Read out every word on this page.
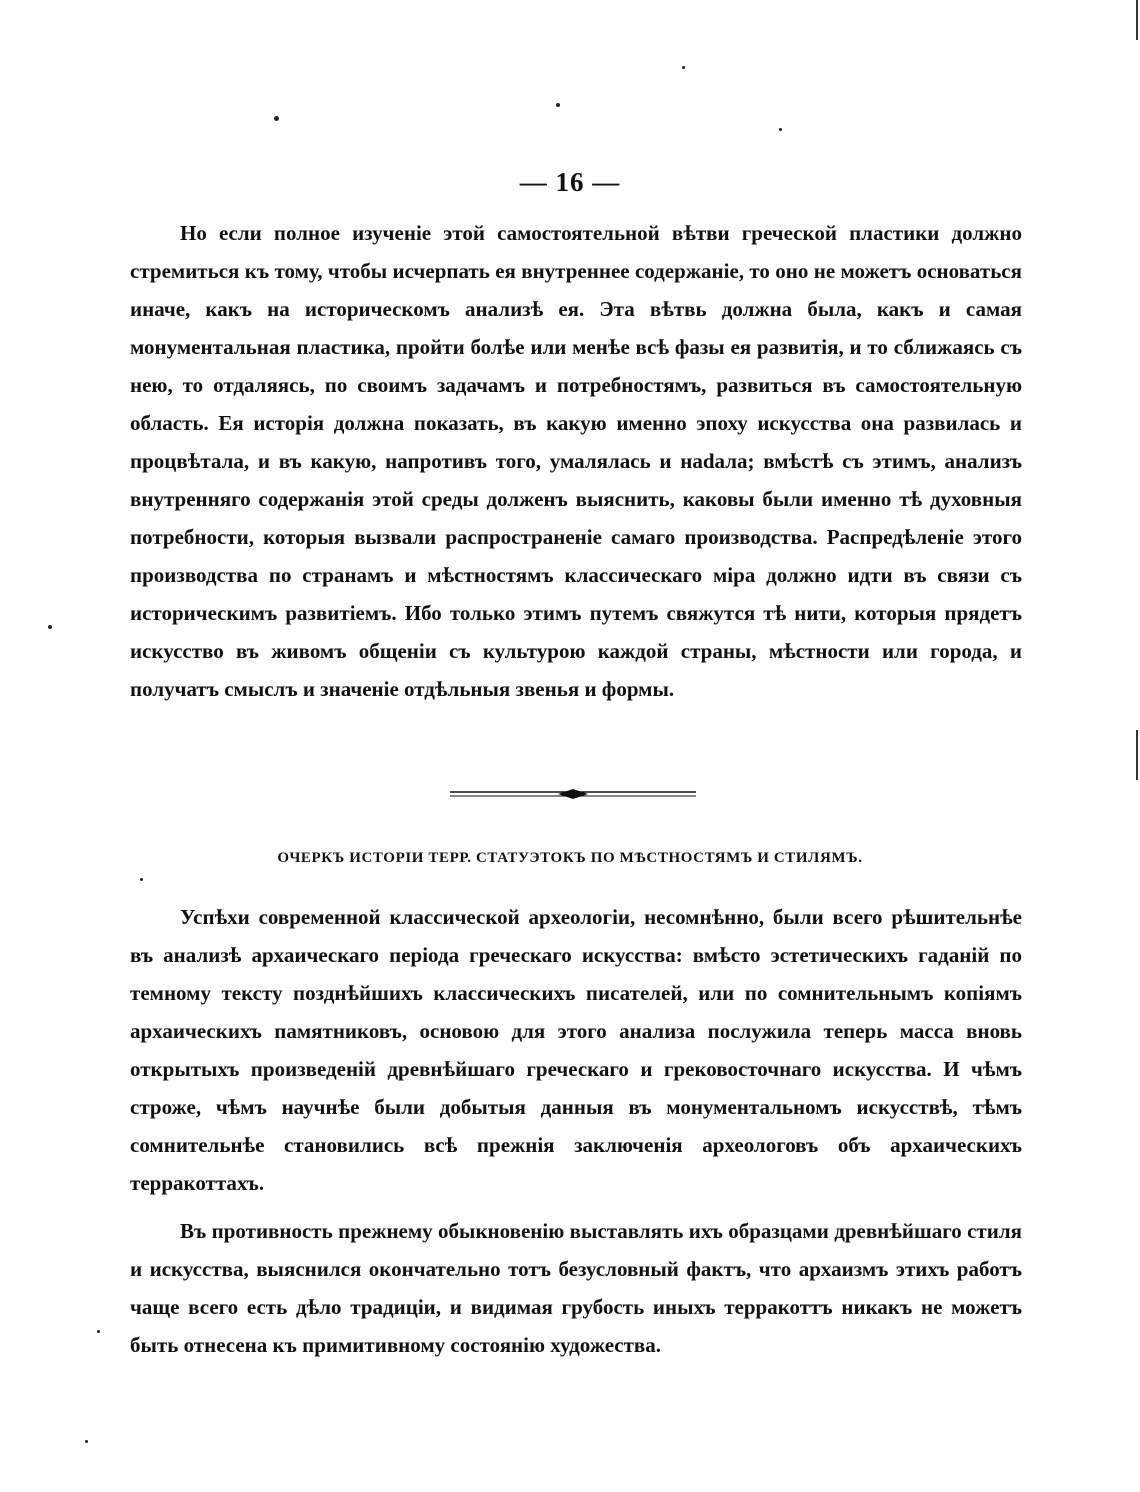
— 16 —

Но если полное изученіе этой самостоятельной вѣтви греческой пластики должно стремиться къ тому, чтобы исчерпать ея внутреннее содержаніе, то оно не можетъ основаться иначе, какъ на историческомъ анализѣ ея. Эта вѣтвь должна была, какъ и самая монументальная пластика, пройти болѣе или менѣе всѣ фазы ея развитія, и то сближаясь съ нею, то отдаляясь, по своимъ задачамъ и потребностямъ, развиться въ самостоятельную область. Ея исторія должна показать, въ какую именно эпоху искусства она развилась и процвѣтала, и въ какую, напротивъ того, умалялась и наdала; вмѣстѣ съ этимъ, анализъ внутренняго содержанія этой среды долженъ выяснить, каковы были именно тѣ духовныя потребности, которыя вызвали распространеніе самаго производства. Распредѣленіе этого производства по странамъ и мѣстностямъ классическаго міра должно идти въ связи съ историческимъ развитіемъ. Ибо только этимъ путемъ свяжутся тѣ нити, которыя прядетъ искусство въ живомъ общеніи съ культурою каждой страны, мѣстности или города, и получатъ смыслъ и значеніе отдѣльныя звенья и формы.

ОЧЕРКЪ ИСТОРІИ ТЕРР. СТАТУЭТОКЪ ПО МѢСТНОСТЯМЪ И СТИЛЯМЪ.

Успѣхи современной классической археологіи, несомнѣнно, были всего рѣшительнѣе въ анализѣ архаическаго періода греческаго искусства: вмѣсто эстетическихъ гаданій по темному тексту позднѣйшихъ классическихъ писателей, или по сомнительнымъ копіямъ архаическихъ памятниковъ, основою для этого анализа послужила теперь масса вновь открытыхъ произведеній древнѣйшаго греческаго и грековосточнаго искусства. И чѣмъ строже, чѣмъ научнѣе были добытыя данныя въ монументальномъ искусствѣ, тѣмъ сомнительнѣе становились всѣ прежнія заключенія археологовъ объ архаическихъ терракоттахъ.

Въ противность прежнему обыкновенію выставлять ихъ образцами древнѣйшаго стиля и искусства, выяснился окончательно тотъ безусловный фактъ, что архаизмъ этихъ работъ чаще всего есть дѣло традиціи, и видимая грубость иныхъ терракоттъ никакъ не можетъ быть отнесена къ примитивному состоянію художества.
